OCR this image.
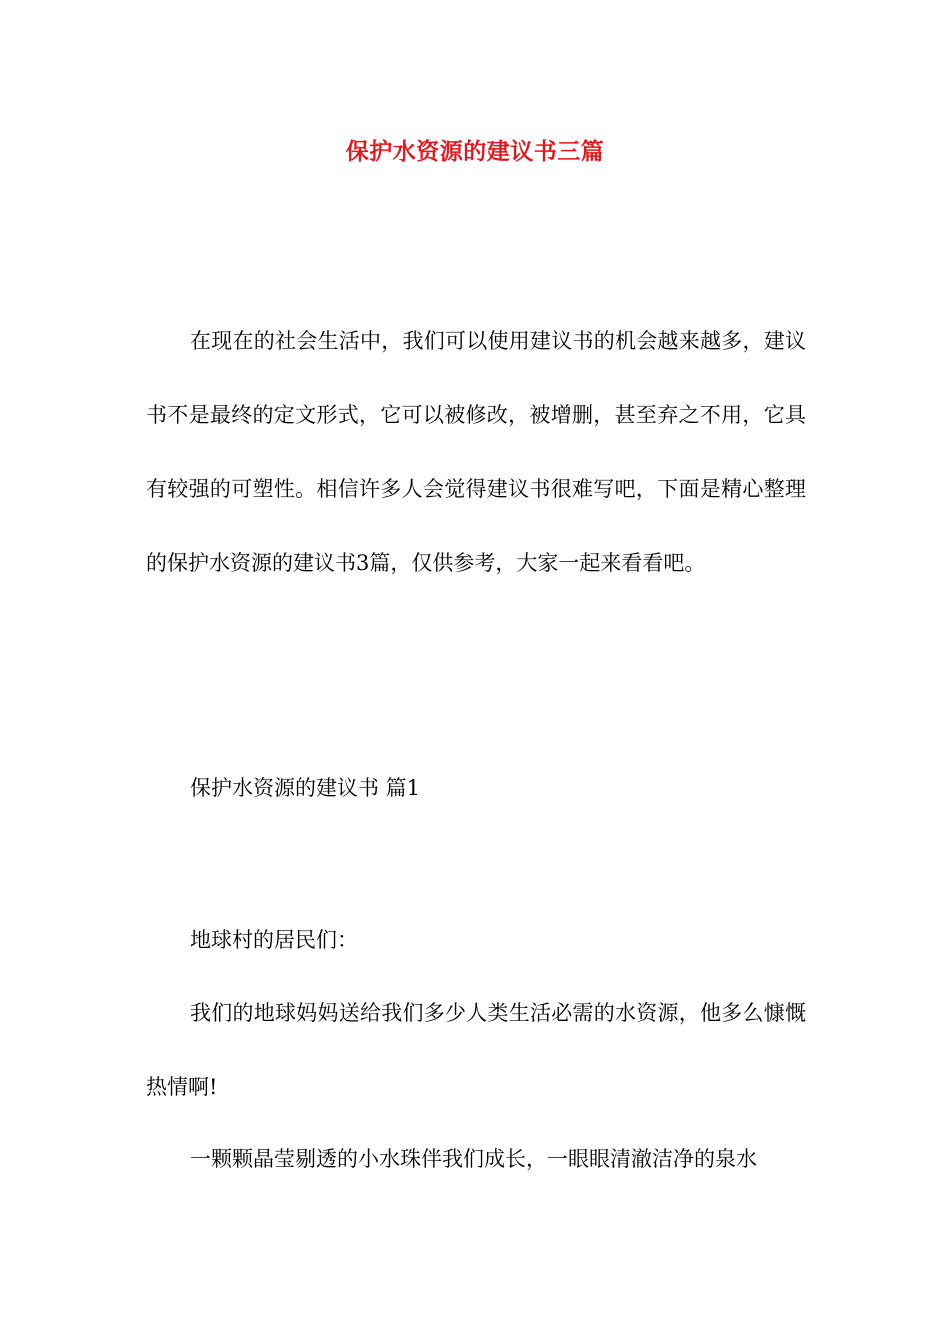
保护水资源的建议书三篇

在现在的社会生活中，我们可以使用建议书的机会越来越多，建议书不是最终的定文形式，它可以被修改，被增删，甚至弃之不用，它具有较强的可塑性。相信许多人会觉得建议书很难写吧，下面是精心整理的保护水资源的建议书3篇，仅供参考，大家一起来看看吧。

保护水资源的建议书 篇1

地球村的居民们：

我们的地球妈妈送给我们多少人类生活必需的水资源，他多么慷慨热情啊!

一颗颗晶莹剔透的小水珠伴我们成长，一眼眼清澈洁净的泉水
